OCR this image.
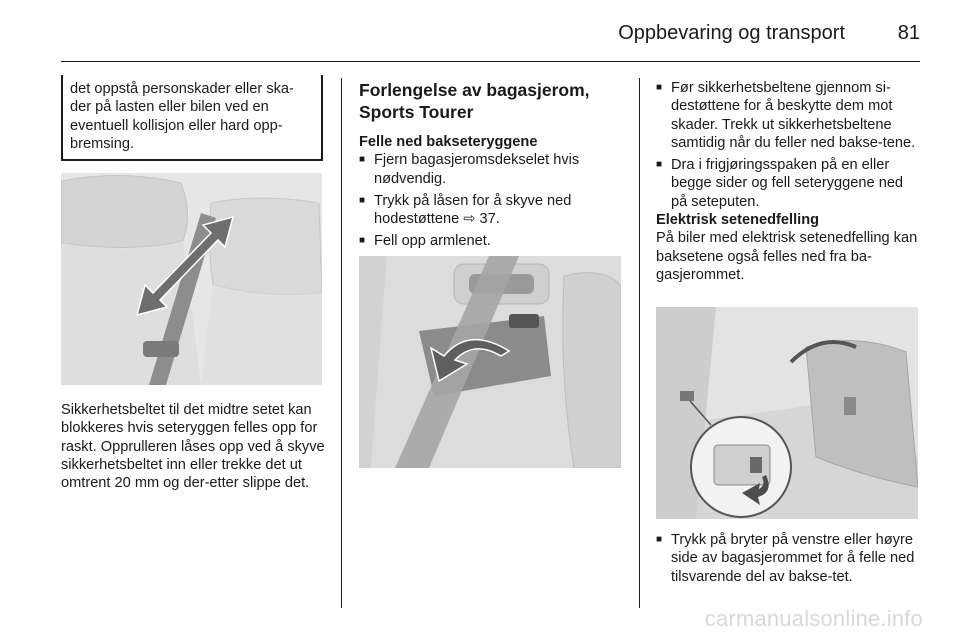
Oppbevaring og transport	81

det oppstå personskader eller ska-
der på lasten eller bilen ved en
eventuell kollisjon eller hard opp-
bremsing.

Sikkerhetsbeltet til det midtre setet kan blokkeres hvis seteryggen felles opp for raskt. Opprulleren låses opp ved å skyve sikkerhetsbeltet inn eller trekke det ut omtrent 20 mm og der-etter slippe det.

Forlengelse av bagasjerom, Sports Tourer

Felle ned bakseteryggene

■ Fjern bagasjeromsdekselet hvis nødvendig.
■ Trykk på låsen for å skyve ned hodestøttene ⇨ 37.
■ Fell opp armlenet.
■ Før sikkerhetsbeltene gjennom si-destøttene for å beskytte dem mot skader. Trekk ut sikkerhetsbeltene samtidig når du feller ned bakse-tene.
■ Dra i frigjøringsspaken på en eller begge sider og fell seteryggene ned på seteputen.

Elektrisk setenedfelling

På biler med elektrisk setenedfelling kan baksetene også felles ned fra ba-gasjerommet.

■ Trykk på bryter på venstre eller høyre side av bagasjerommet for å felle ned tilsvarende del av bakse-tet.
carmanualsonline.info
